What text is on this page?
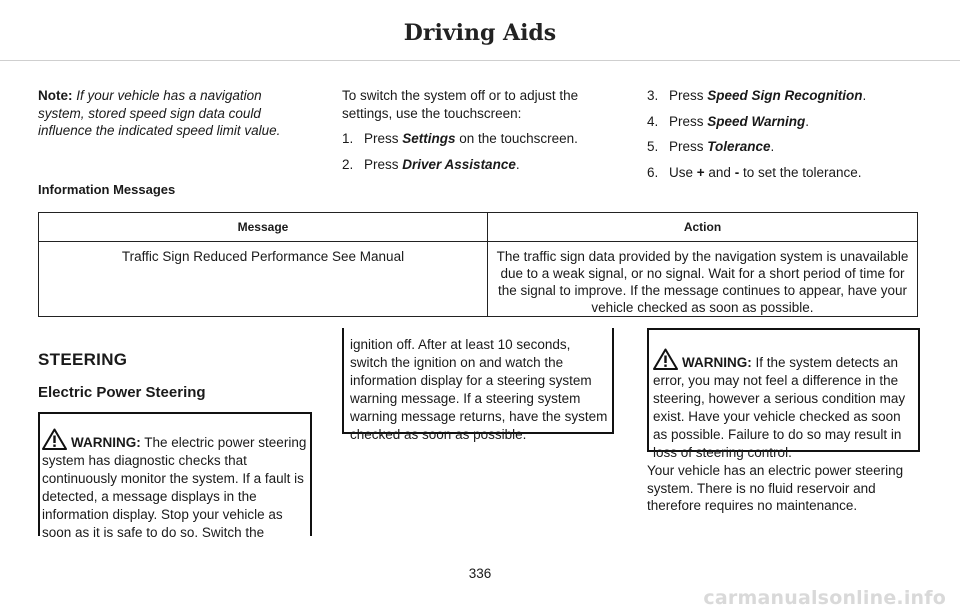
Driving Aids

Note: If your vehicle has a navigation system, stored speed sign data could influence the indicated speed limit value.

To switch the system off or to adjust the settings, use the touchscreen:

1. Press Settings on the touchscreen.
2. Press Driver Assistance.
3. Press Speed Sign Recognition.
4. Press Speed Warning.
5. Press Tolerance.
6. Use + and - to set the tolerance.
Information Messages
Message	Action
Traffic Sign Reduced Performance See Manual	The traffic sign data provided by the navigation system is unavailable due to a weak signal, or no signal. Wait for a short period of time for the signal to improve. If the message continues to appear, have your vehicle checked as soon as possible.
STEERING
Electric Power Steering
WARNING: The electric power steering system has diagnostic checks that continuously monitor the system. If a fault is detected, a message displays in the information display. Stop your vehicle as soon as it is safe to do so. Switch the
ignition off. After at least 10 seconds, switch the ignition on and watch the information display for a steering system warning message. If a steering system warning message returns, have the system checked as soon as possible.
WARNING: If the system detects an error, you may not feel a difference in the steering, however a serious condition may exist. Have your vehicle checked as soon as possible. Failure to do so may result in loss of steering control.

Your vehicle has an electric power steering system. There is no fluid reservoir and therefore requires no maintenance.

336
carmanualsonline.info
